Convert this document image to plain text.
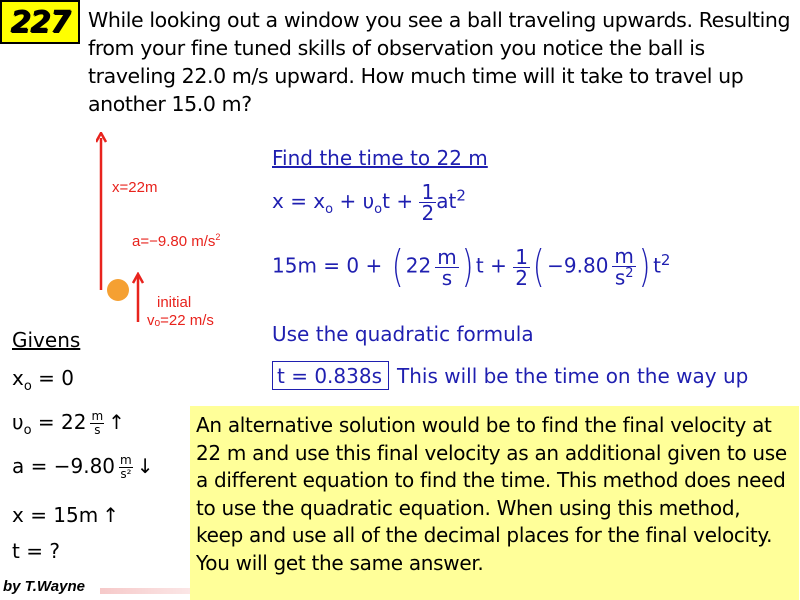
227 While looking out a window you see a ball traveling upwards. Resulting from your fine tuned skills of observation you notice the ball is traveling 22.0 m/s upward. How much time will it take to travel up another 15.0 m?
x=22m
a=−9.80 $m/s^2$
initial
vₒ=22 m/s
Find the time to 22 m
$x = x_o + \upsilon_ot + \frac{1}{2} at^2$
15m = 0 + ( $22 \frac{m}{s}$ ) $t + \frac{1}{2}$ ( $-9.80 \frac{m}{s^2}$ ) $t^2$
Use the quadratic formula
t = 0.838s This will be the time on the way up
Givens
$x_o = 0$
$\upsilon_o = 22 \frac{m}{s}$
  ↑
$a = -9.80 \frac{m}{\text{s²}}$
  ↓
x = 15m  ↑
t = ?
An alternative solution would be to find the final velocity at 22 m and use this final velocity as an additional given to use a different equation to find the time. This method does need to use the quadratic equation. When using this method, keep and use all of the decimal places for the final velocity. You will get the same answer.
by T.Wayne
